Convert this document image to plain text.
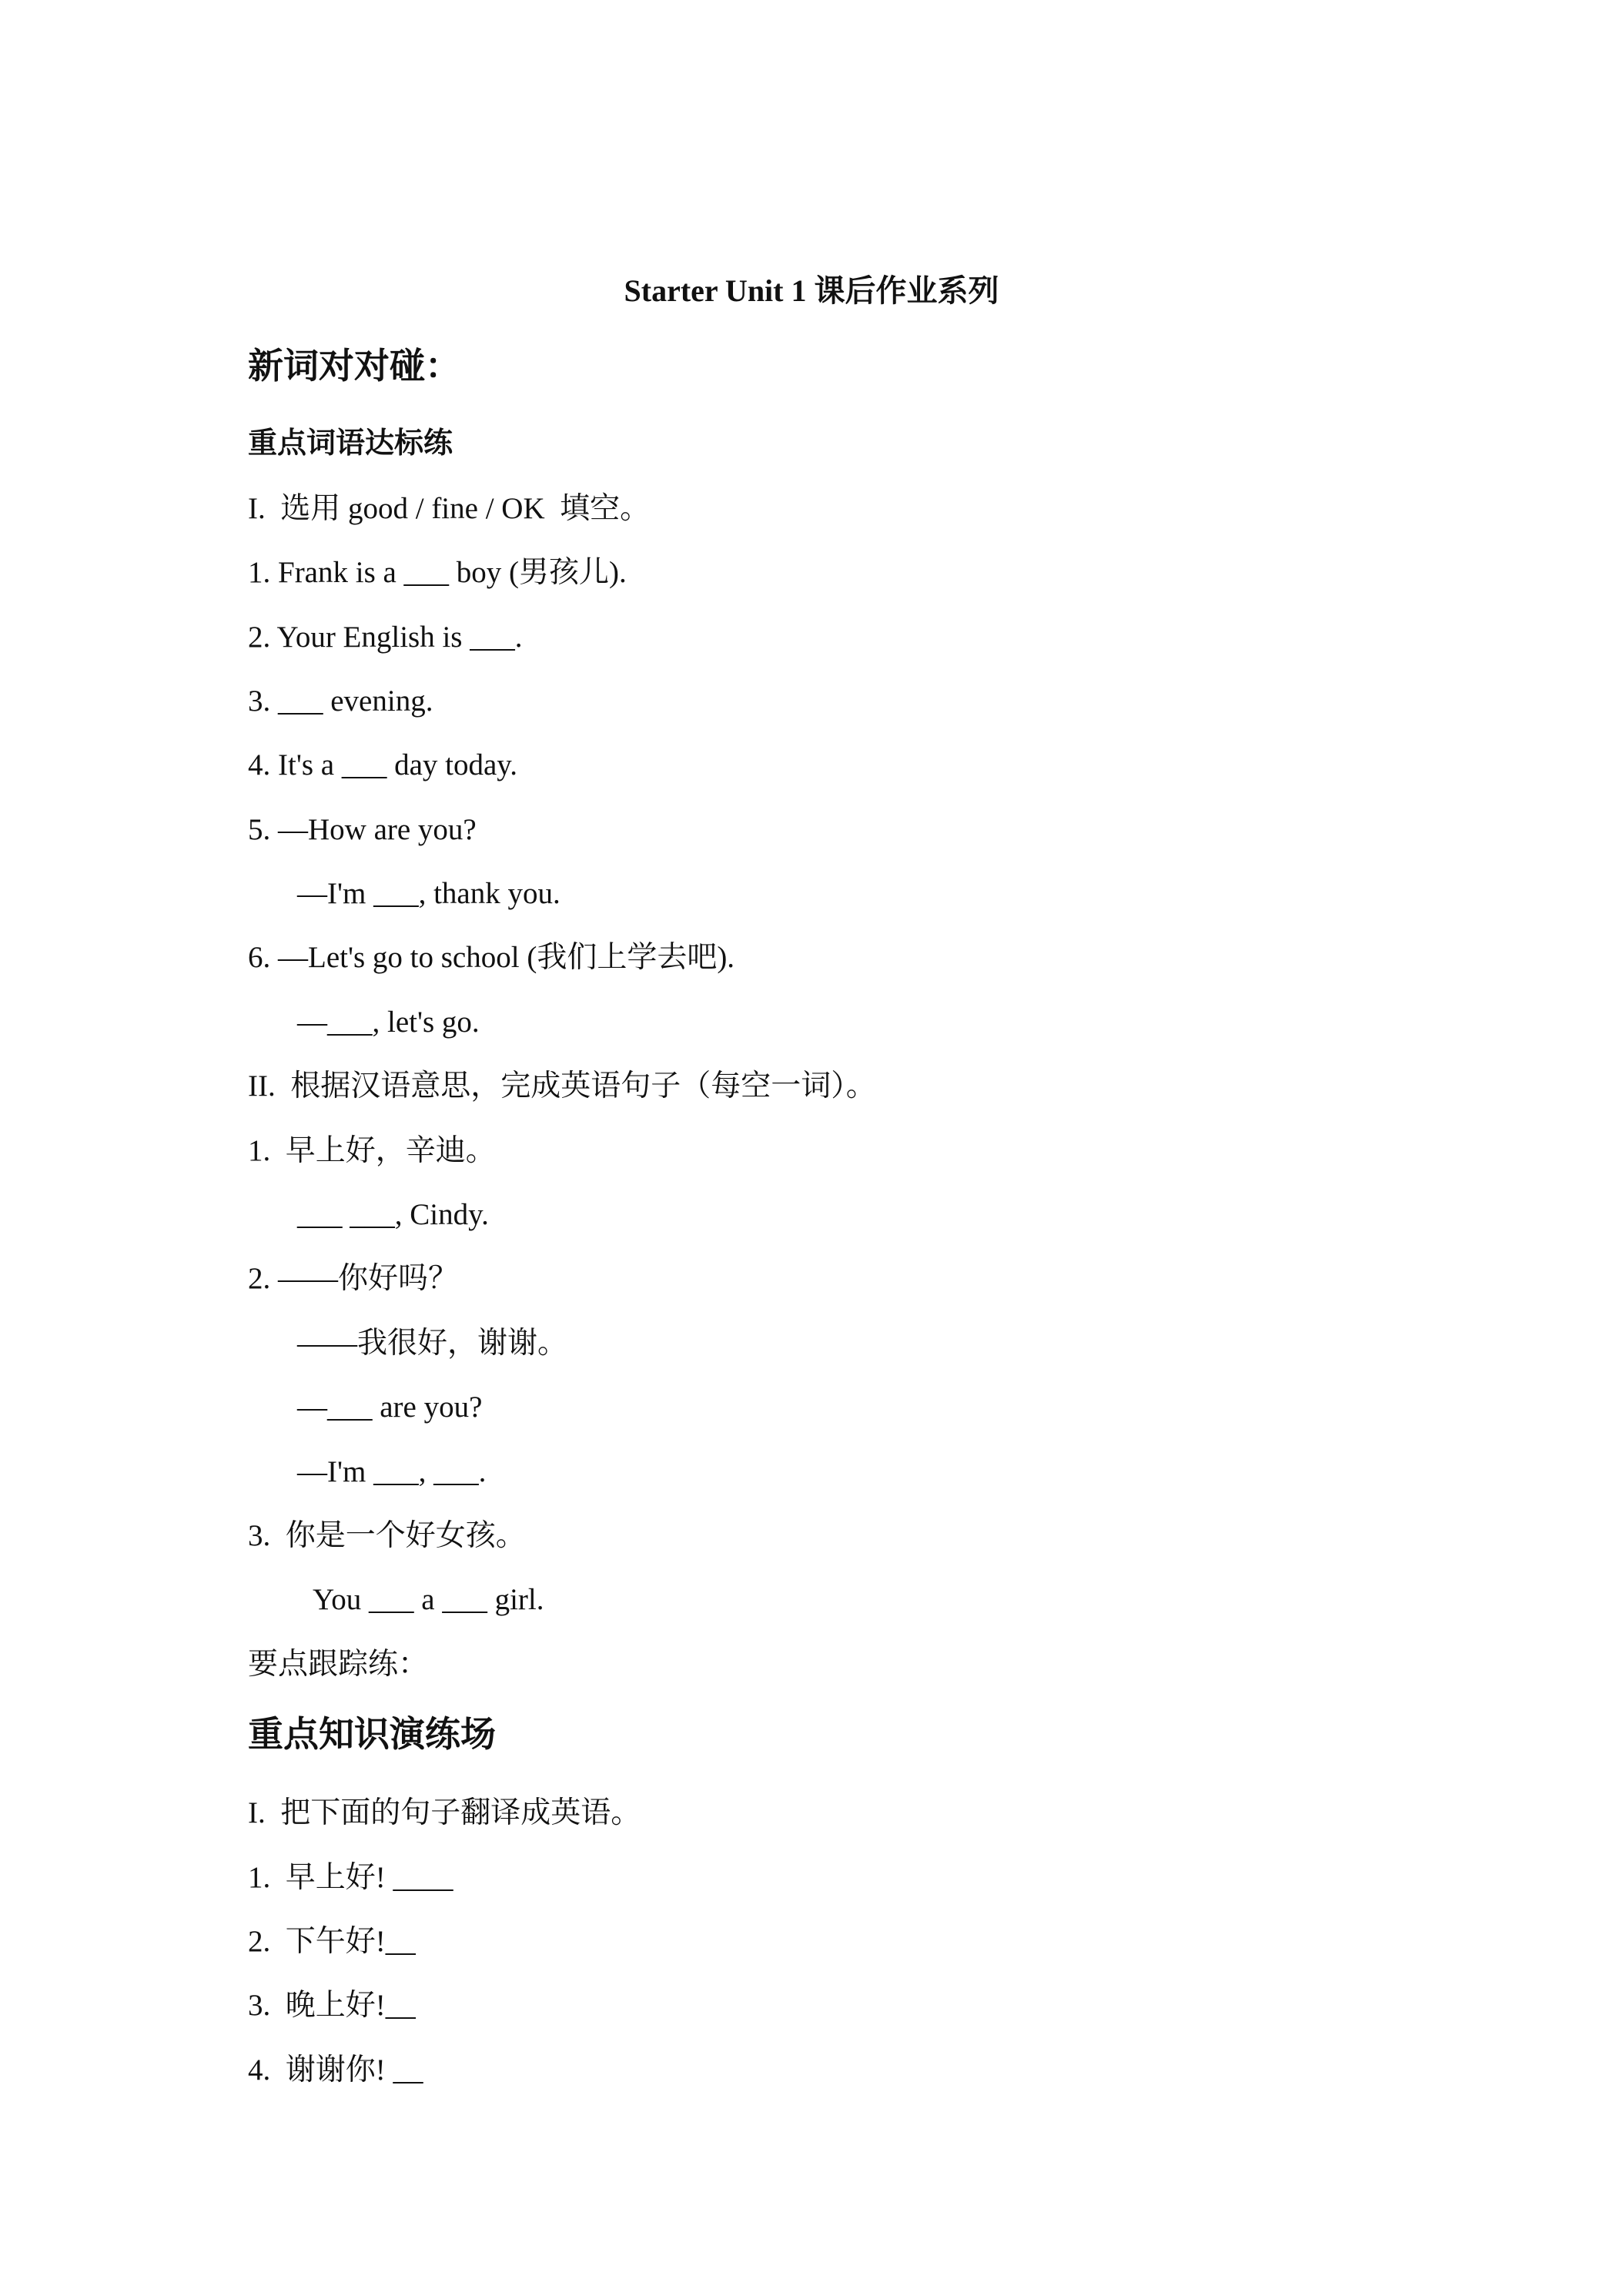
Starter Unit 1 课后作业系列
新词对对碰：
重点词语达标练
I.  选用 good / fine / OK  填空。
1. Frank is a ___ boy (男孩儿).
2. Your English is ___.
3. ___ evening.
4. It's a ___ day today.
5. —How are you?
—I'm ___, thank you.
6. —Let's go to school (我们上学去吧).
—___, let's go.
II.  根据汉语意思，完成英语句子（每空一词）。
1.  早上好，辛迪。
___ ___, Cindy.
2. ——你好吗？
——我很好，谢谢。
—___ are you?
—I'm ___, ___.
3.  你是一个好女孩。
You ___ a ___ girl.
要点跟踪练：
重点知识演练场
I.  把下面的句子翻译成英语。
1.  早上好! ____
2.  下午好!__
3.  晚上好!__
4.  谢谢你! __
